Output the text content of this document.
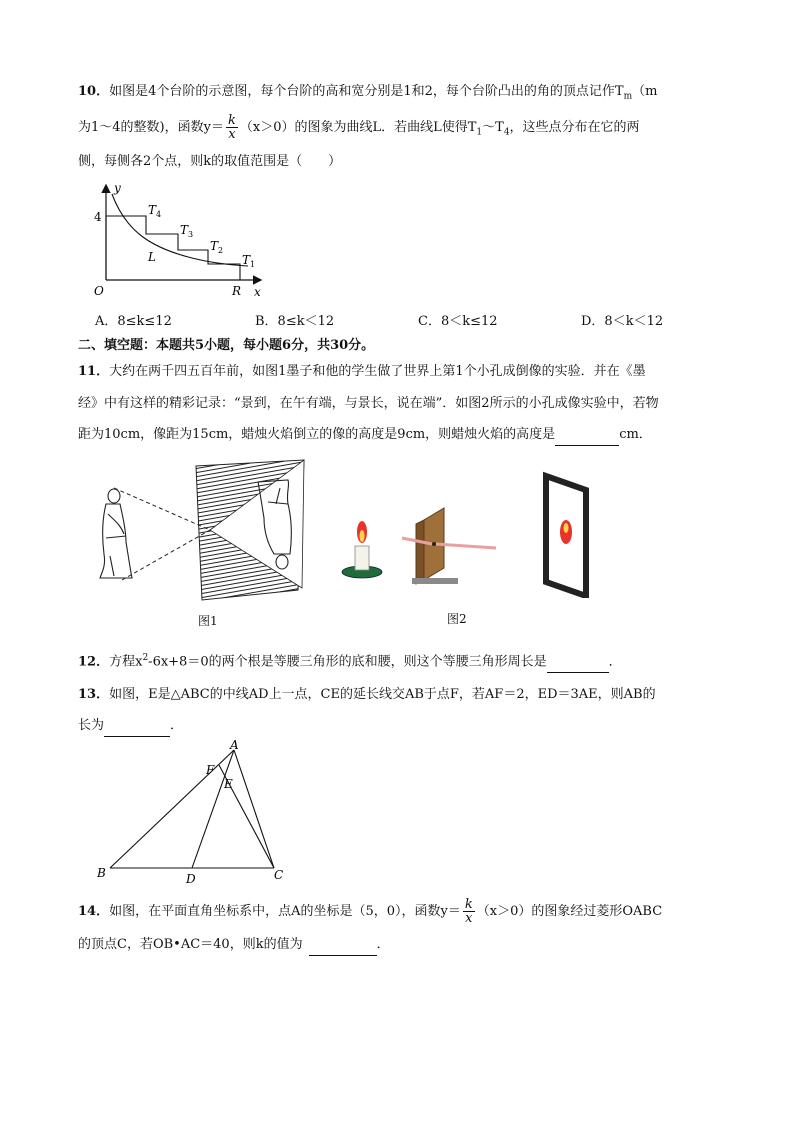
10．如图是4个台阶的示意图，每个台阶的高和宽分别是1和2，每个台阶凸出的角的顶点记作$T_m(m$
为1～4的整数)，函数$y= \frac{k}{x} (x>0)$的图象为曲线L．若曲线L使得$T_1\sim T_4$，这些点分布在它的两
侧，每侧各2个点，则k的取值范围是（　　）
y
x
O
4
R
L
$T_4$
$T_3$
$T_2$
$T_1$
A．8≤k≤12	B．8≤k＜12	C．8＜k≤12	D．8＜k＜12
二、填空题：本题共5小题，每小题6分，共30分。
11．大约在两千四五百年前，如图1墨子和他的学生做了世界上第1个小孔成倒像的实验．并在《墨
经》中有这样的精彩记录：“景到，在午有端，与景长，说在端”．如图2所示的小孔成像实验中，若物
距为10cm，像距为15cm，蜡烛火焰倒立的像的高度是9cm，则蜡烛火焰的高度是	cm．
图1	图2
12．方程$x^2-6x+8=0$的两个根是等腰三角形的底和腰，则这个等腰三角形周长是	．
13．如图，E是△ABC的中线AD上一点，CE的延长线交AB于点F，若AF＝2，ED＝3AE，则AB的
长为	．
A
B	C
D
E
F
14．如图，在平面直角坐标系中，点A的坐标是（5，0），函数$y= \frac{k}{x} (x>0)$的图象经过菱形OABC
的顶点C，若OB•AC＝40，则k的值为	．
